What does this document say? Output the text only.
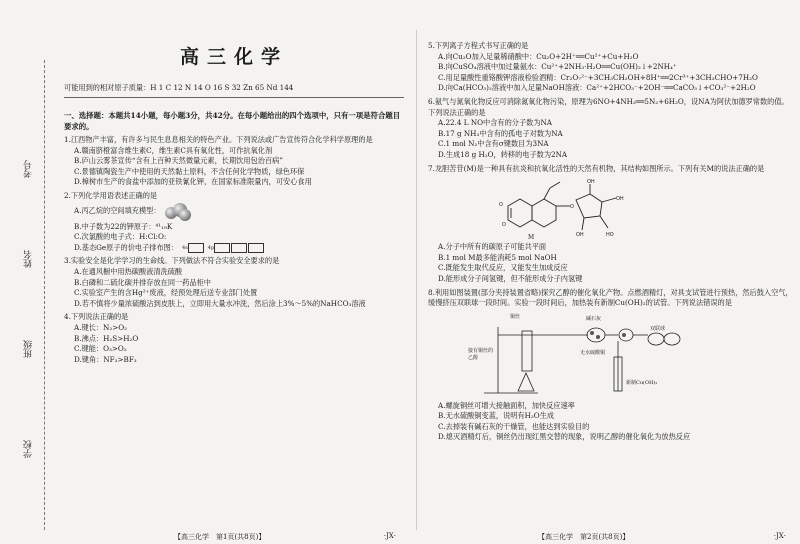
考号
姓名
班级
学校
高三化学
可能用到的相对原子质量：H 1 C 12 N 14 O 16 S 32 Zn 65 Nd 144
一、选择题：本题共14小题，每小题3分，共42分。在每小题给出的四个选项中，只有一项是符合题目要求的。
1.江西物产丰富，有许多与民生息息相关的特色产业。下列说法或广告宣传符合化学科学原理的是
A.赣南脐橙富含维生素C，维生素C具有氧化性，可作抗氧化剂
B.庐山云雾茶宣传“含有上百种天然微量元素，长期饮用包治百病”
C.景德镇陶瓷生产中使用的天然黏土原料，不含任何化学物质，绿色环保
D.樟树市生产的食盐中添加的亚铁氰化钾，在国家标准限量内，可安心食用
2.下列化学用语表述正确的是
A.丙乙烷的空间填充模型：
B.中子数为22的钾原子：⁴¹₁₉K
C.次氯酸的电子式：H:Cl:O:
D.基态Ge原子的价电子排布图： 4s	4p
3.实验安全是化学学习的生命线。下列做法不符合实验安全要求的是
A.在通风橱中用热碳酸液清洗硫酸
B.白磷和二硫化碳并排存放在同一药品柜中
C.实验室产生的含Hg²⁺废液，经预处理后送专业部门处置
D.若不慎将少量浓硫酸沾到皮肤上，立即用大量水冲洗，然后涂上3%～5%的NaHCO₃溶液
4.下列说法正确的是
A.键长：N₂>O₂
B.沸点：H₂S>H₂O
C.键能：O₃>O₂
D.键角：NF₃>BF₃
【高三化学　第1页(共8页)】	·JX·
5.下列离子方程式书写正确的是
A.向Cu₂O加入足量稀硝酸中：Cu₂O+2H⁺══Cu²⁺+Cu+H₂O
B.向CuSO₄溶液中加过量氨水：Cu²⁺+2NH₃·H₂O══Cu(OH)₂↓+2NH₄⁺
C.用足量酸性重铬酸钾溶液检验酒精：Cr₂O₇²⁻+3CH₃CH₂OH+8H⁺══2Cr³⁺+3CH₃CHO+7H₂O
D.向Ca(HCO₃)₂溶液中加入足量NaOH溶液：Ca²⁺+2HCO₃⁻+2OH⁻══CaCO₃↓+CO₃²⁻+2H₂O
6.氨气与氮氧化物反应可消除氮氧化物污染，原理为6NO+4NH₃══5N₂+6H₂O，设NA为阿伏加德罗常数的值。下列说法正确的是
A.22.4 L NO中含有的分子数为NA
B.17 g NH₃中含有的孤电子对数为NA
C.1 mol N₂中含有σ键数目为3NA
D.生成18 g H₂O，转移的电子数为2NA
7.龙胆苦苷(M)是一种具有抗炎和抗氧化活性的天然有机物，其结构如图所示。下列有关M的说法正确的是
O
O	O
OH
OH
OH	HO
M
A.分子中所有的碳原子可能共平面
B.1 mol M最多能消耗5 mol NaOH
C.既能发生取代反应，又能发生加成反应
D.能形成分子间氢键，但不能形成分子内氢键
8.利用如图装置(部分夹持装置省略)探究乙醇的催化氧化产物。点燃酒精灯，对具支试管进行预热，然后鼓入空气，缓慢挤压双联球一段时间。实验一段时间后，加热装有新制Cu(OH)₂的试管。下列说法错误的是
铜丝	碱石灰
双联球
接有铜丝的乙醇
无水硫酸铜
新制Cu(OH)₂
A.螺旋铜丝可增大接触面积，加快反应速率
B.无水硫酸铜变蓝，说明有H₂O生成
C.去掉装有碱石灰的干燥管，也能达到实验目的
D.熄灭酒精灯后，铜丝仍出现红黑交替的现象，说明乙醇的催化氧化为放热反应
【高三化学　第2页(共8页)】	·JX·
